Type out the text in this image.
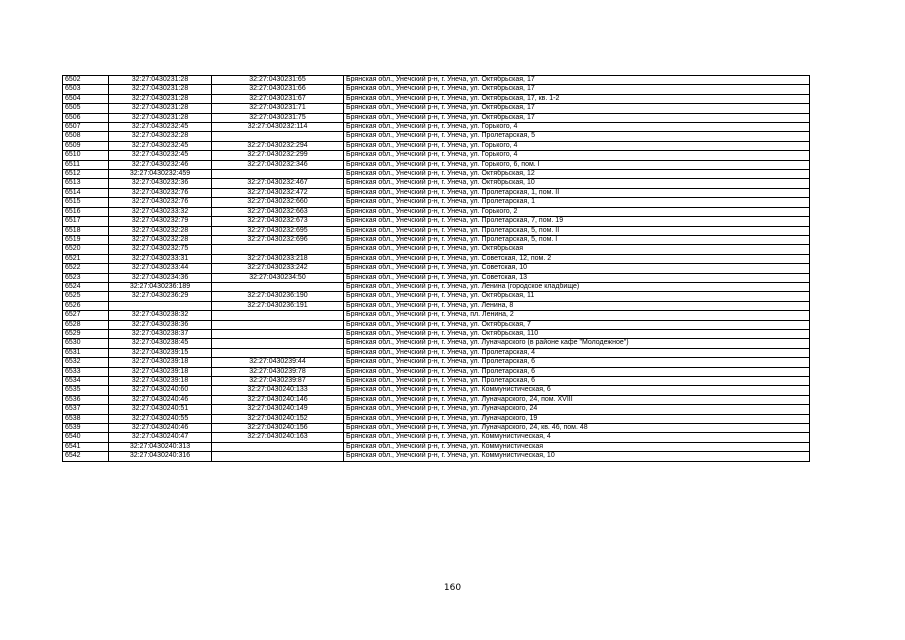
6502	32:27:0430231:28	32:27:0430231:65	Брянская обл., Унечский р-н, г. Унеча, ул. Октябрьская, 17
6503	32:27:0430231:28	32:27:0430231:66	Брянская обл., Унечский р-н, г. Унеча, ул. Октябрьская, 17
6504	32:27:0430231:28	32:27:0430231:67	Брянская обл., Унечский р-н, г. Унеча, ул. Октябрьская, 17, кв. 1-2
6505	32:27:0430231:28	32:27:0430231:71	Брянская обл., Унечский р-н, г. Унеча, ул. Октябрьская, 17
6506	32:27:0430231:28	32:27:0430231:75	Брянская обл., Унечский р-н, г. Унеча, ул. Октябрьская, 17
6507	32:27:0430232:45	32:27:0430232:114	Брянская обл., Унечский р-н, г. Унеча, ул. Горького, 4
6508	32:27:0430232:28		Брянская обл., Унечский р-н, г. Унеча, ул. Пролетарская, 5
6509	32:27:0430232:45	32:27:0430232:294	Брянская обл., Унечский р-н, г. Унеча, ул. Горького, 4
6510	32:27:0430232:45	32:27:0430232:299	Брянская обл., Унечский р-н, г. Унеча, ул. Горького, 4
6511	32:27:0430232:46	32:27:0430232:346	Брянская обл., Унечский р-н, г. Унеча, ул. Горького, 6, пом. I
6512	32:27:0430232:459		Брянская обл., Унечский р-н, г. Унеча, ул. Октябрьская, 12
6513	32:27:0430232:36	32:27:0430232:467	Брянская обл., Унечский р-н, г. Унеча, ул. Октябрьская, 10
6514	32:27:0430232:76	32:27:0430232:472	Брянская обл., Унечский р-н, г. Унеча, ул. Пролетарская, 1, пом. II
6515	32:27:0430232:76	32:27:0430232:660	Брянская обл., Унечский р-н, г. Унеча, ул. Пролетарская, 1
6516	32:27:0430233:32	32:27:0430232:663	Брянская обл., Унечский р-н, г. Унеча, ул. Горького, 2
6517	32:27:0430232:79	32:27:0430232:673	Брянская обл., Унечский р-н, г. Унеча, ул. Пролетарская, 7, пом. 19
6518	32:27:0430232:28	32:27:0430232:695	Брянская обл., Унечский р-н, г. Унеча, ул. Пролетарская, 5, пом. II
6519	32:27:0430232:28	32:27:0430232:696	Брянская обл., Унечский р-н, г. Унеча, ул. Пролетарская, 5, пом. I
6520	32:27:0430232:75		Брянская обл., Унечский р-н, г. Унеча, ул. Октябрьская
6521	32:27:0430233:31	32:27:0430233:218	Брянская обл., Унечский р-н, г. Унеча, ул. Советская, 12, пом. 2
6522	32:27:0430233:44	32:27:0430233:242	Брянская обл., Унечский р-н, г. Унеча, ул. Советская, 10
6523	32:27:0430234:36	32:27:0430234:50	Брянская обл., Унечский р-н, г. Унеча, ул. Советская, 13
6524	32:27:0430236:189		Брянская обл., Унечский р-н, г. Унеча, ул. Ленина (городское кладбище)
6525	32:27:0430236:29	32:27:0430236:190	Брянская обл., Унечский р-н, г. Унеча, ул. Октябрьская, 11
6526		32:27:0430236:191	Брянская обл., Унечский р-н, г. Унеча, ул. Ленина, 8
6527	32:27:0430238:32		Брянская обл., Унечский р-н, г. Унеча, пл. Ленина, 2
6528	32:27:0430238:36		Брянская обл., Унечский р-н, г. Унеча, ул. Октябрьская, 7
6529	32:27:0430238:37		Брянская обл., Унечский р-н, г. Унеча, ул. Октябрьская, 110
6530	32:27:0430238:45		Брянская обл., Унечский р-н, г. Унеча, ул. Луначарского (в районе кафе "Молодежное")
6531	32:27:0430239:15		Брянская обл., Унечский р-н, г. Унеча, ул. Пролетарская, 4
6532	32:27:0430239:18	32:27:0430239:44	Брянская обл., Унечский р-н, г. Унеча, ул. Пролетарская, 6
6533	32:27:0430239:18	32:27:0430239:78	Брянская обл., Унечский р-н, г. Унеча, ул. Пролетарская, 6
6534	32:27:0430239:18	32:27:0430239:87	Брянская обл., Унечский р-н, г. Унеча, ул. Пролетарская, 6
6535	32:27:0430240:60	32:27:0430240:133	Брянская обл., Унечский р-н, г. Унеча, ул. Коммунистическая, 6
6536	32:27:0430240:46	32:27:0430240:146	Брянская обл., Унечский р-н, г. Унеча, ул. Луначарского, 24, пом. XVIII
6537	32:27:0430240:51	32:27:0430240:149	Брянская обл., Унечский р-н, г. Унеча, ул. Луначарского, 24
6538	32:27:0430240:55	32:27:0430240:152	Брянская обл., Унечский р-н, г. Унеча, ул. Луначарского, 19
6539	32:27:0430240:46	32:27:0430240:156	Брянская обл., Унечский р-н, г. Унеча, ул. Луначарского, 24, кв. 46, пом. 48
6540	32:27:0430240:47	32:27:0430240:163	Брянская обл., Унечский р-н, г. Унеча, ул. Коммунистическая, 4
6541	32:27:0430240:313		Брянская обл., Унечский р-н, г. Унеча, ул. Коммунистическая
6542	32:27:0430240:316		Брянская обл., Унечский р-н, г. Унеча, ул. Коммунистическая, 10
160
